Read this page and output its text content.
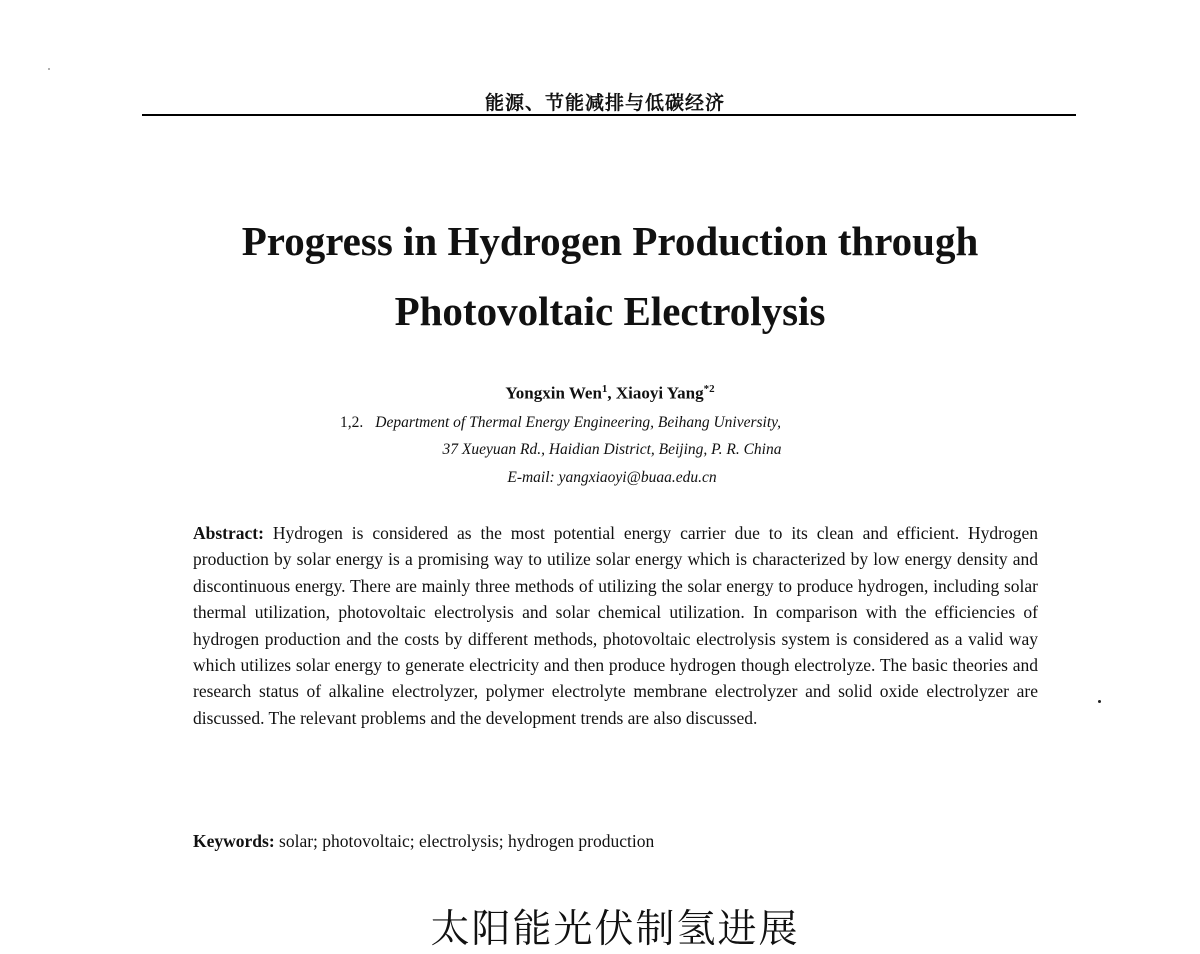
能源、节能减排与低碳经济
Progress in Hydrogen Production through
Photovoltaic Electrolysis
Yongxin Wen$^1$, Xiaoyi Yang$^{*2}$
1,2. Department of Thermal Energy Engineering, Beihang University,
37 Xueyuan Rd., Haidian District, Beijing, P. R. China
E-mail: yangxiaoyi@buaa.edu.cn
Abstract: Hydrogen is considered as the most potential energy carrier due to its clean and efficient. Hydrogen production by solar energy is a promising way to utilize solar energy which is characterized by low energy density and discontinuous energy. There are mainly three methods of utilizing the solar energy to produce hydrogen, including solar thermal utilization, photovoltaic electrolysis and solar chemical utilization. In comparison with the efficiencies of hydrogen production and the costs by different methods, photovoltaic electrolysis system is considered as a valid way which utilizes solar energy to generate electricity and then produce hydrogen though electrolyze. The basic theories and research status of alkaline electrolyzer, polymer electrolyte membrane electrolyzer and solid oxide electrolyzer are discussed. The relevant problems and the development trends are also discussed.
Keywords: solar; photovoltaic; electrolysis; hydrogen production
太阳能光伏制氢进展
